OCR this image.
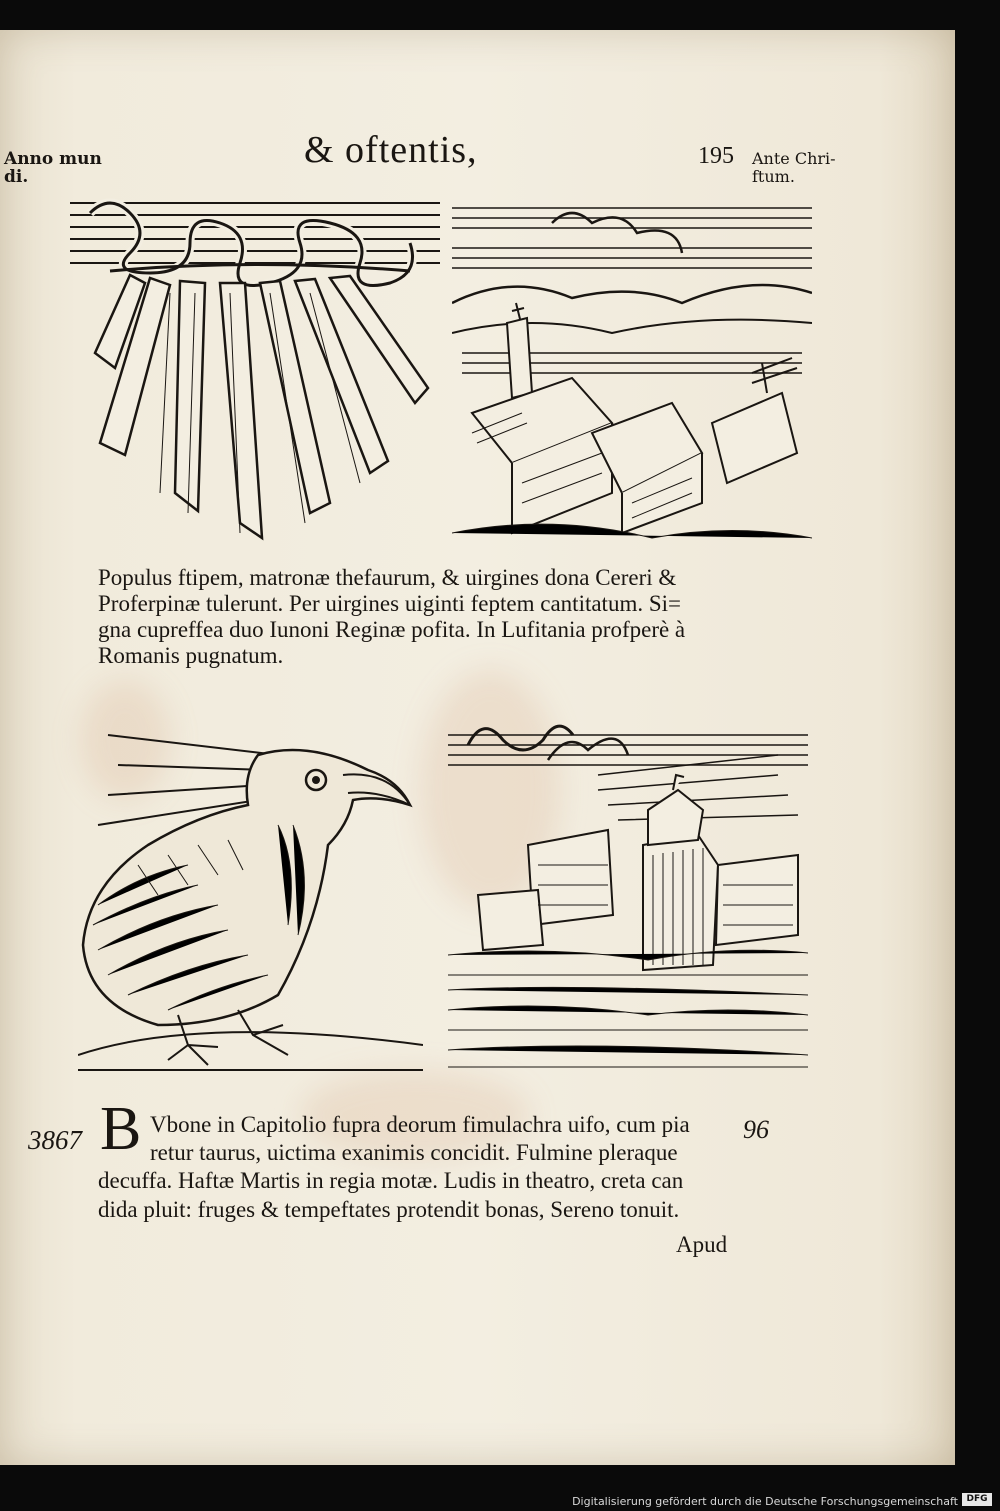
Anno mun
di.
& oftentis,	195 Ante Chri-
ftum.
Populus ftipem, matronæ thefaurum, & uirgines dona Cereri &
Proferpinæ tulerunt. Per uirgines uiginti feptem cantitatum. Si=
gna cupreffea duo Iunoni Reginæ pofita. In Lufitania profperè à
Romanis pugnatum.
3867 B Vbone in Capitolio fupra deorum fimulachra uifo, cum pia 96
retur taurus, uictima exanimis concidit. Fulmine pleraque
decuffa. Haftæ Martis in regia motæ. Ludis in theatro, creta can
dida pluit: fruges & tempeftates protendit bonas, Sereno tonuit.
Apud
Digitalisierung gefördert durch die Deutsche Forschungsgemeinschaft DFG
